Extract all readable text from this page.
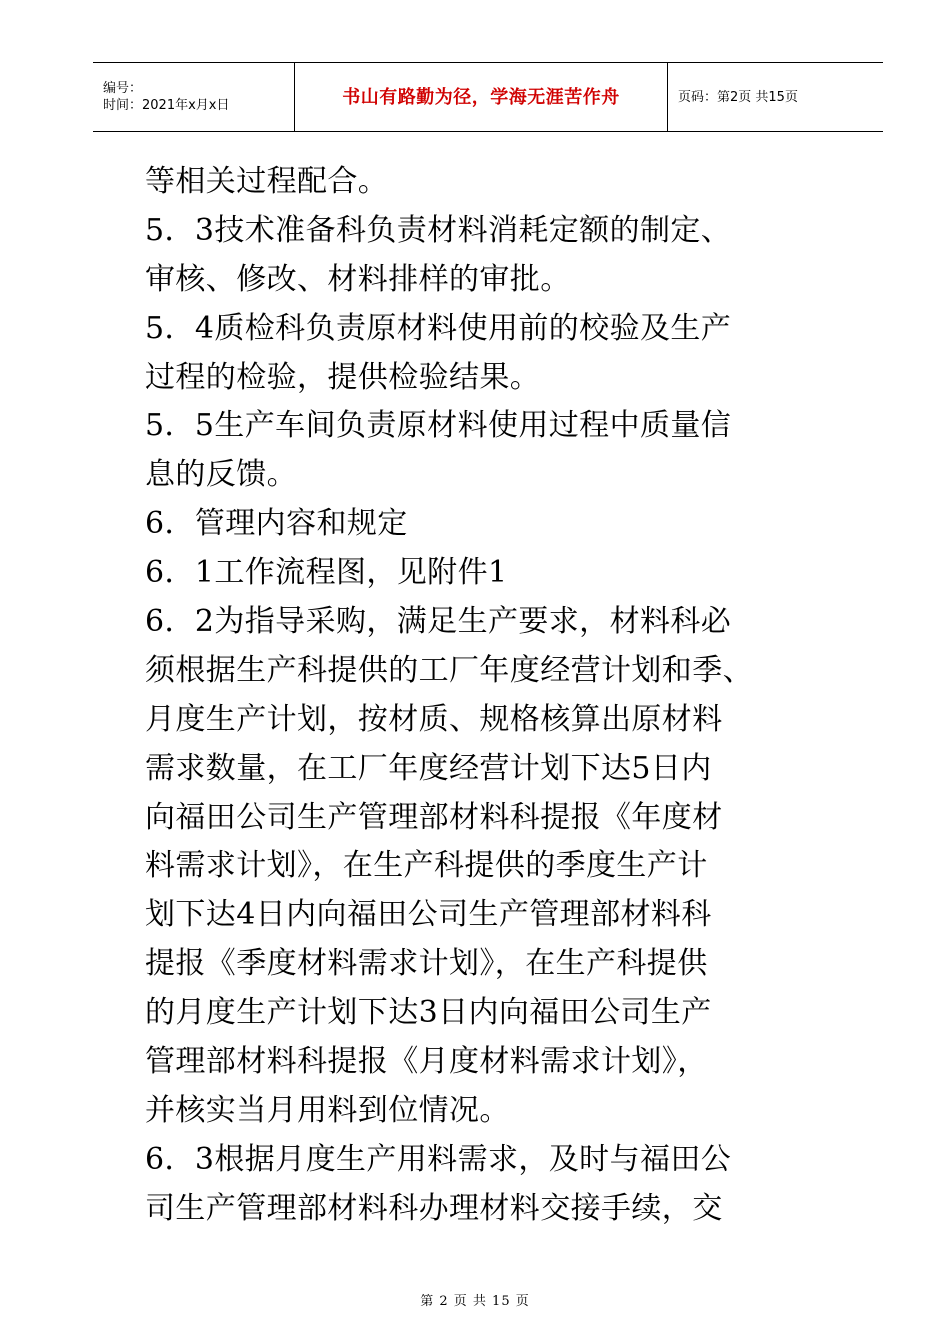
编号：
时间：2021年x月x日	书山有路勤为径，学海无涯苦作舟	页码：第2页 共15页
等相关过程配合。
5．3技术准备科负责材料消耗定额的制定、
审核、修改、材料排样的审批。
5．4质检科负责原材料使用前的校验及生产
过程的检验，提供检验结果。
5．5生产车间负责原材料使用过程中质量信
息的反馈。
6．管理内容和规定
6．1工作流程图，见附件1
6．2为指导采购，满足生产要求，材料科必
须根据生产科提供的工厂年度经营计划和季、
月度生产计划，按材质、规格核算出原材料
需求数量，在工厂年度经营计划下达5日内
向福田公司生产管理部材料科提报《年度材
料需求计划》，在生产科提供的季度生产计
划下达4日内向福田公司生产管理部材料科
提报《季度材料需求计划》，在生产科提供
的月度生产计划下达3日内向福田公司生产
管理部材料科提报《月度材料需求计划》，
并核实当月用料到位情况。
6．3根据月度生产用料需求，及时与福田公
司生产管理部材料科办理材料交接手续，交
第 2 页 共 15 页
